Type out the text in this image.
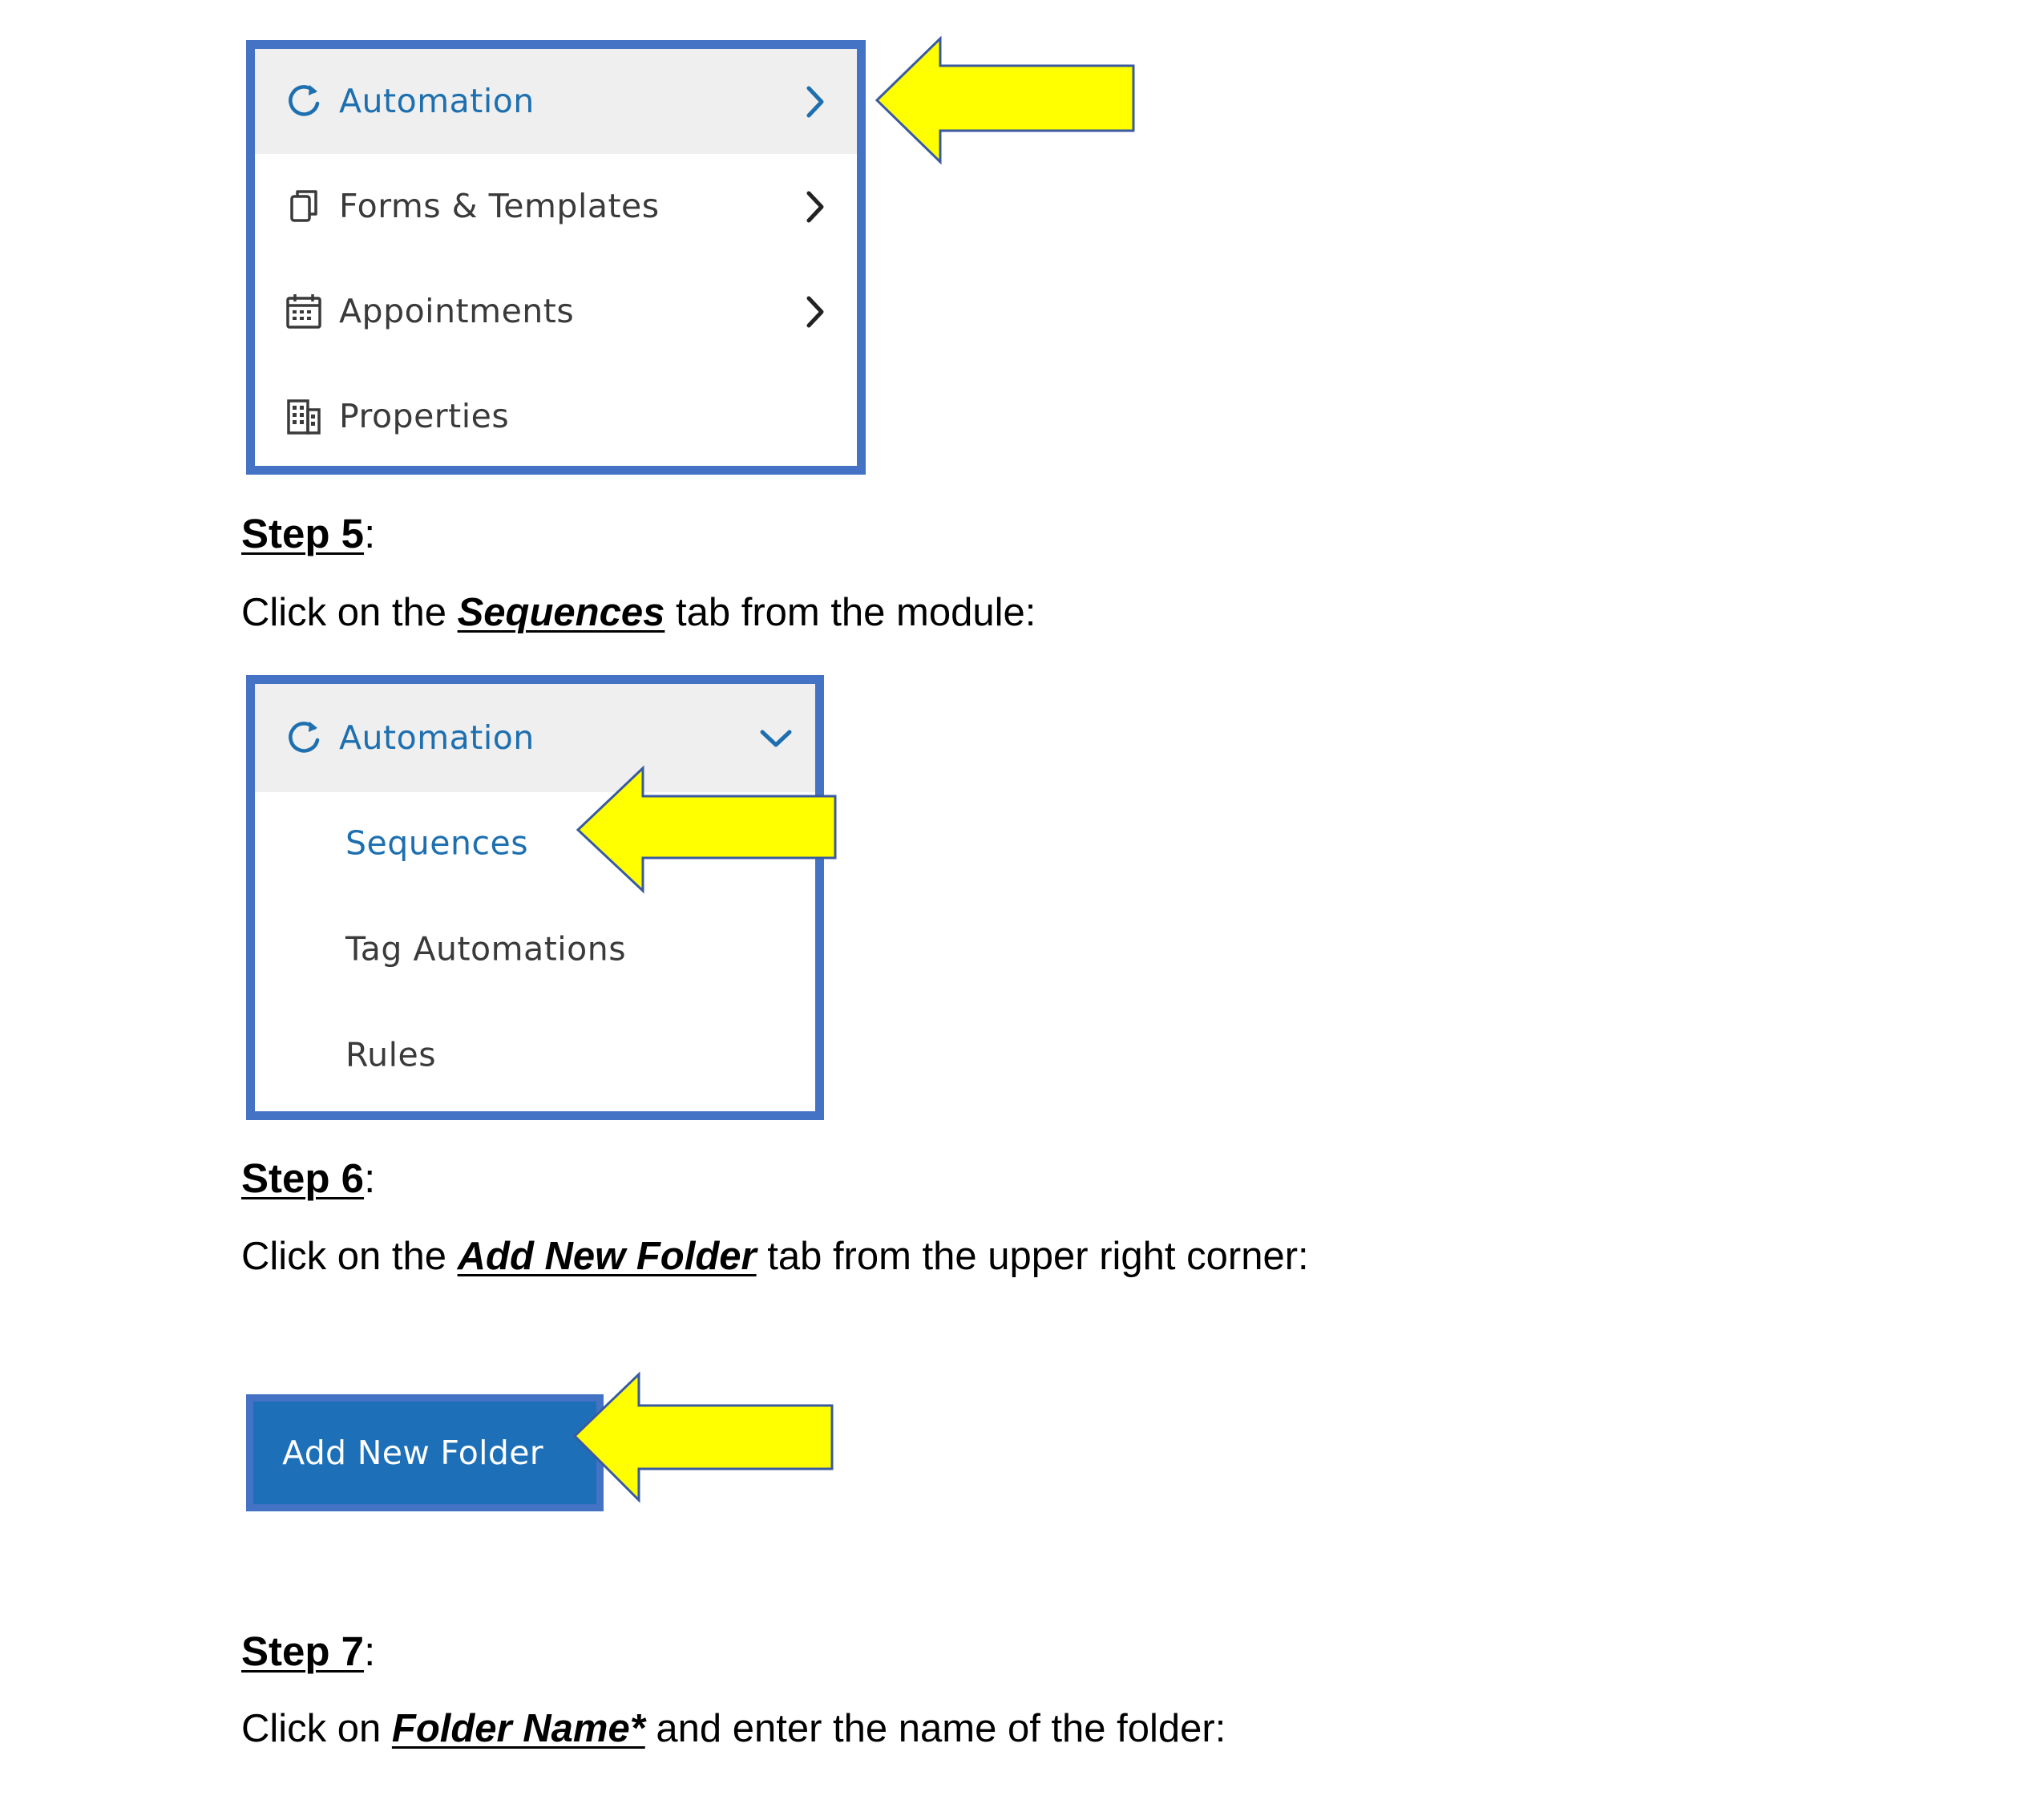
Automation
Forms & Templates
Appointments
Properties
Step 5:
Click on the Sequences tab from the module:
Automation
Sequences
Tag Automations
Rules
Step 6:
Click on the Add New Folder tab from the upper right corner:
Add New Folder
Step 7:
Click on Folder Name* and enter the name of the folder:
